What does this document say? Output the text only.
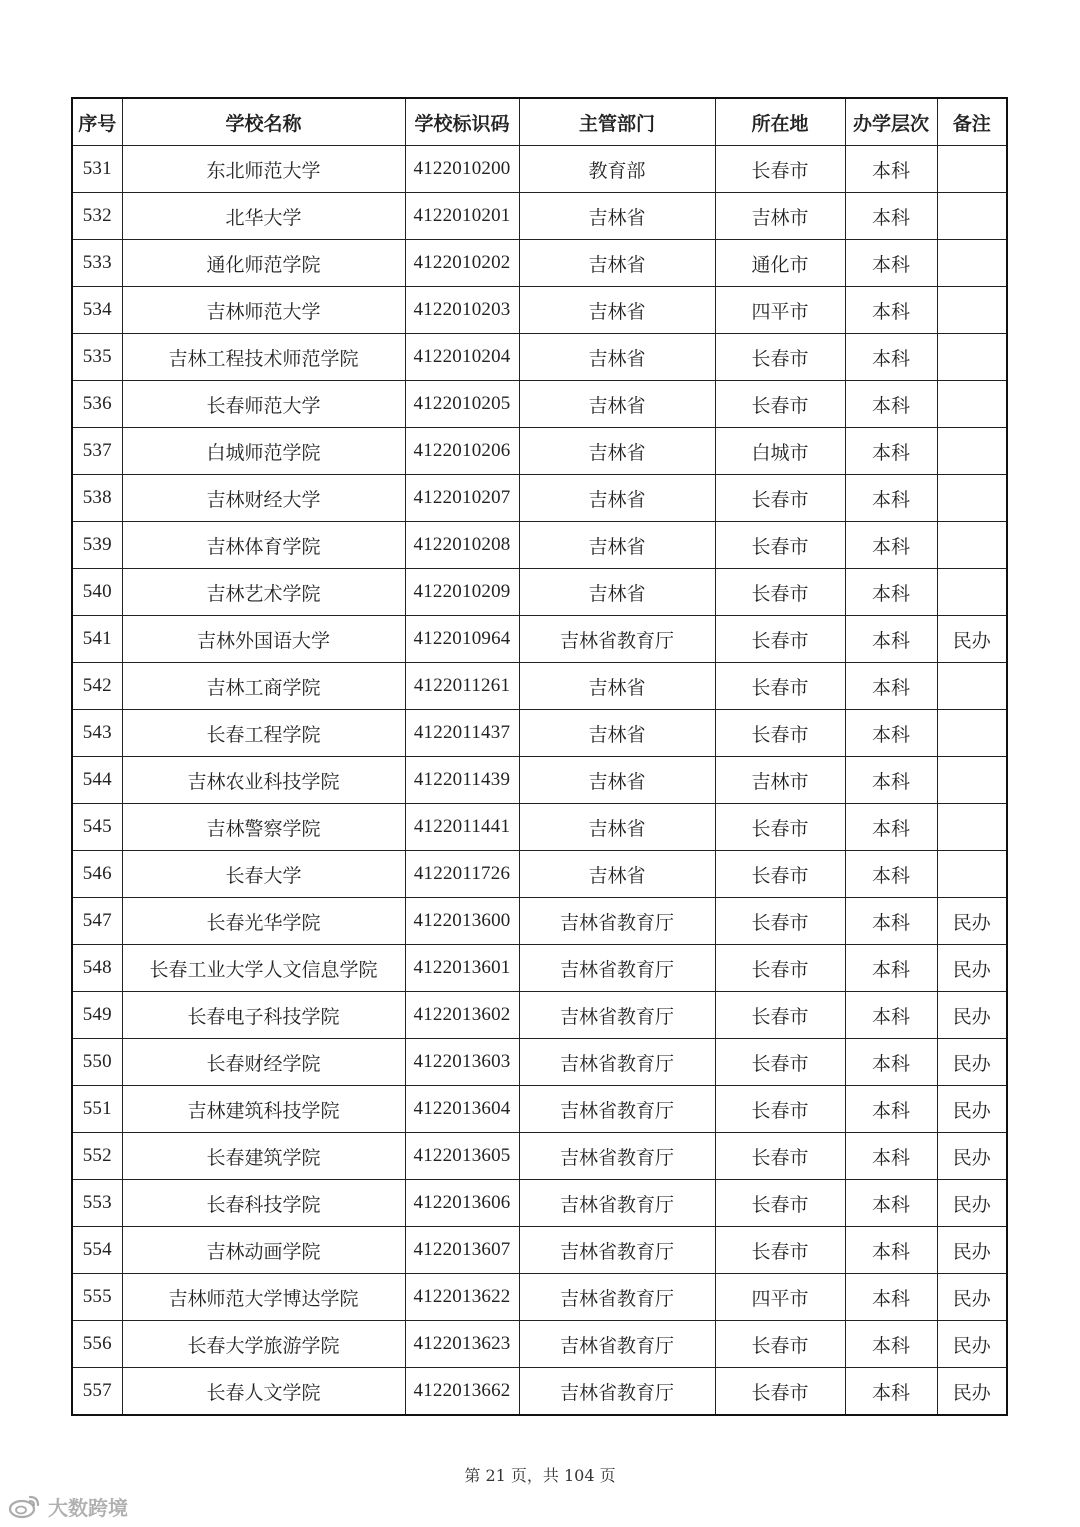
序号	学校名称	学校标识码	主管部门	所在地	办学层次	备注
531	东北师范大学	4122010200	教育部	长春市	本科	
532	北华大学	4122010201	吉林省	吉林市	本科	
533	通化师范学院	4122010202	吉林省	通化市	本科	
534	吉林师范大学	4122010203	吉林省	四平市	本科	
535	吉林工程技术师范学院	4122010204	吉林省	长春市	本科	
536	长春师范大学	4122010205	吉林省	长春市	本科	
537	白城师范学院	4122010206	吉林省	白城市	本科	
538	吉林财经大学	4122010207	吉林省	长春市	本科	
539	吉林体育学院	4122010208	吉林省	长春市	本科	
540	吉林艺术学院	4122010209	吉林省	长春市	本科	
541	吉林外国语大学	4122010964	吉林省教育厅	长春市	本科	民办
542	吉林工商学院	4122011261	吉林省	长春市	本科	
543	长春工程学院	4122011437	吉林省	长春市	本科	
544	吉林农业科技学院	4122011439	吉林省	吉林市	本科	
545	吉林警察学院	4122011441	吉林省	长春市	本科	
546	长春大学	4122011726	吉林省	长春市	本科	
547	长春光华学院	4122013600	吉林省教育厅	长春市	本科	民办
548	长春工业大学人文信息学院	4122013601	吉林省教育厅	长春市	本科	民办
549	长春电子科技学院	4122013602	吉林省教育厅	长春市	本科	民办
550	长春财经学院	4122013603	吉林省教育厅	长春市	本科	民办
551	吉林建筑科技学院	4122013604	吉林省教育厅	长春市	本科	民办
552	长春建筑学院	4122013605	吉林省教育厅	长春市	本科	民办
553	长春科技学院	4122013606	吉林省教育厅	长春市	本科	民办
554	吉林动画学院	4122013607	吉林省教育厅	长春市	本科	民办
555	吉林师范大学博达学院	4122013622	吉林省教育厅	四平市	本科	民办
556	长春大学旅游学院	4122013623	吉林省教育厅	长春市	本科	民办
557	长春人文学院	4122013662	吉林省教育厅	长春市	本科	民办
第 21 页，共 104 页
大数跨境
